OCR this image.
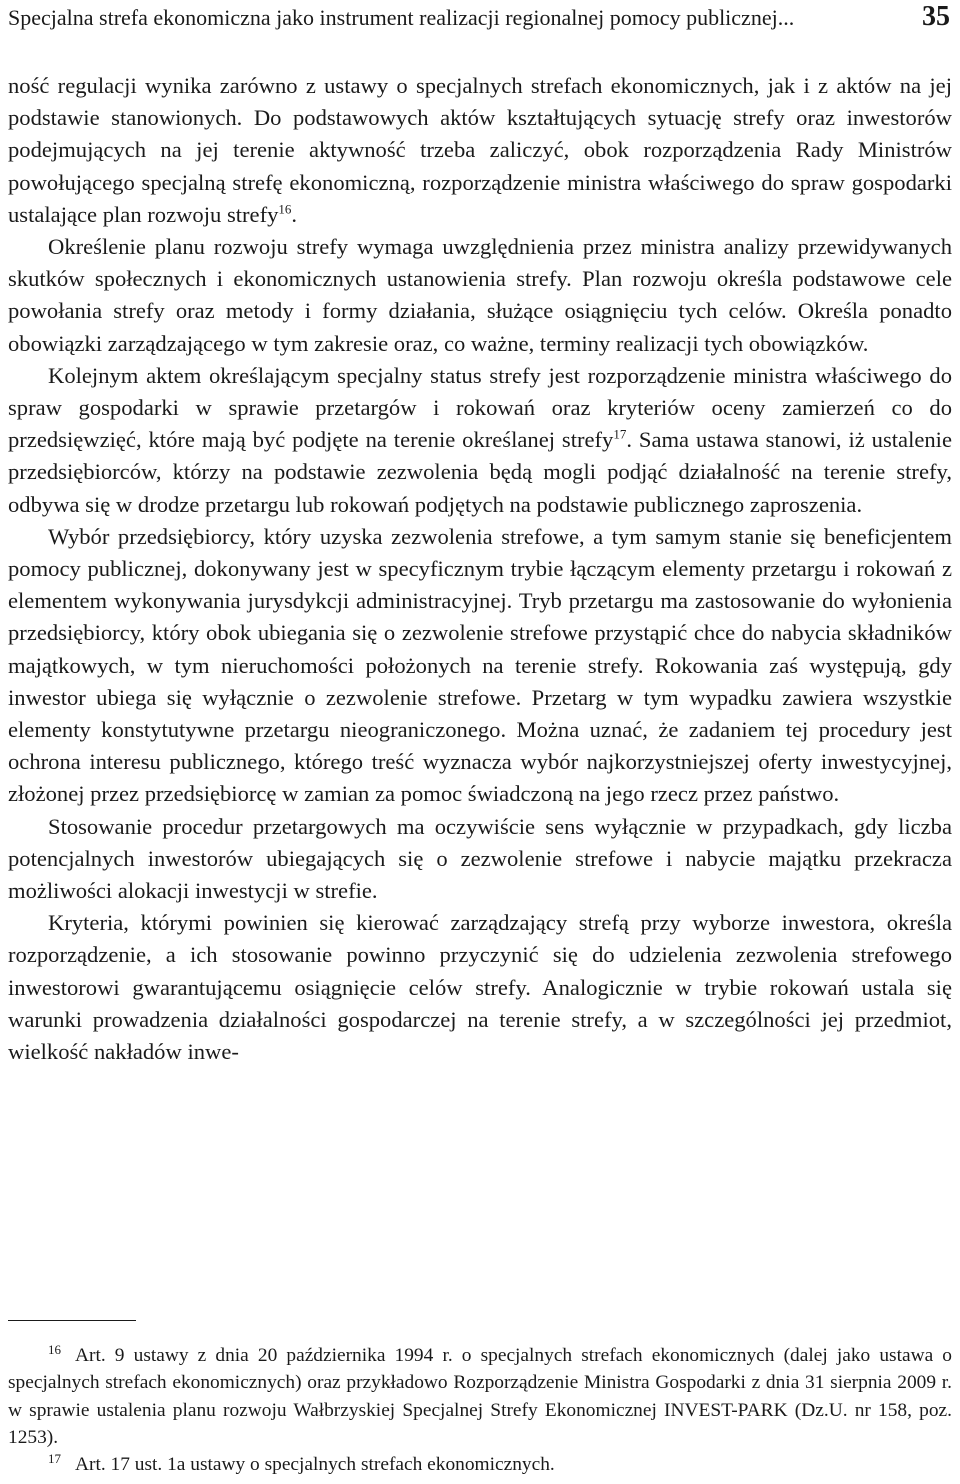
Specjalna strefa ekonomiczna jako instrument realizacji regionalnej pomocy publicznej...	35

ność regulacji wynika zarówno z ustawy o specjalnych strefach ekonomicznych, jak i z aktów na jej podstawie stanowionych. Do podstawowych aktów kształtujących sytuację strefy oraz inwestorów podejmujących na jej terenie aktywność trzeba zaliczyć, obok rozporządzenia Rady Ministrów powołującego specjalną strefę ekonomiczną, rozporządzenie ministra właściwego do spraw gospodarki ustalające plan rozwoju strefy$^{16}$.

Określenie planu rozwoju strefy wymaga uwzględnienia przez ministra analizy przewidywanych skutków społecznych i ekonomicznych ustanowienia strefy. Plan rozwoju określa podstawowe cele powołania strefy oraz metody i formy działania, służące osiągnięciu tych celów. Określa ponadto obowiązki zarządzającego w tym zakresie oraz, co ważne, terminy realizacji tych obowiązków.

Kolejnym aktem określającym specjalny status strefy jest rozporządzenie ministra właściwego do spraw gospodarki w sprawie przetargów i rokowań oraz kryteriów oceny zamierzeń co do przedsięwzięć, które mają być podjęte na terenie określanej strefy$^{17}$. Sama ustawa stanowi, iż ustalenie przedsiębiorców, którzy na podstawie zezwolenia będą mogli podjąć działalność na terenie strefy, odbywa się w drodze przetargu lub rokowań podjętych na podstawie publicznego zaproszenia.

Wybór przedsiębiorcy, który uzyska zezwolenia strefowe, a tym samym stanie się beneficjentem pomocy publicznej, dokonywany jest w specyficznym trybie łączącym elementy przetargu i rokowań z elementem wykonywania jurysdykcji administracyjnej. Tryb przetargu ma zastosowanie do wyłonienia przedsiębiorcy, który obok ubiegania się o zezwolenie strefowe przystąpić chce do nabycia składników majątkowych, w tym nieruchomości położonych na terenie strefy. Rokowania zaś występują, gdy inwestor ubiega się wyłącznie o zezwolenie strefowe. Przetarg w tym wypadku zawiera wszystkie elementy konstytutywne przetargu nieograniczonego. Można uznać, że zadaniem tej procedury jest ochrona interesu publicznego, którego treść wyznacza wybór najkorzystniejszej oferty inwestycyjnej, złożonej przez przedsiębiorcę w zamian za pomoc świadczoną na jego rzecz przez państwo.

Stosowanie procedur przetargowych ma oczywiście sens wyłącznie w przypadkach, gdy liczba potencjalnych inwestorów ubiegających się o zezwolenie strefowe i nabycie majątku przekracza możliwości alokacji inwestycji w strefie.

Kryteria, którymi powinien się kierować zarządzający strefą przy wyborze inwestora, określa rozporządzenie, a ich stosowanie powinno przyczynić się do udzielenia zezwolenia strefowego inwestorowi gwarantującemu osiągnięcie celów strefy. Analogicznie w trybie rokowań ustala się warunki prowadzenia działalności gospodarczej na terenie strefy, a w szczególności jej przedmiot, wielkość nakładów inwe-

$^{16}$ Art. 9 ustawy z dnia 20 października 1994 r. o specjalnych strefach ekonomicznych (dalej jako ustawa o specjalnych strefach ekonomicznych) oraz przykładowo Rozporządzenie Ministra Gospodarki z dnia 31 sierpnia 2009 r. w sprawie ustalenia planu rozwoju Wałbrzyskiej Specjalnej Strefy Ekonomicznej INVEST-PARK (Dz.U. nr 158, poz. 1253).

$^{17}$ Art. 17 ust. 1a ustawy o specjalnych strefach ekonomicznych.
